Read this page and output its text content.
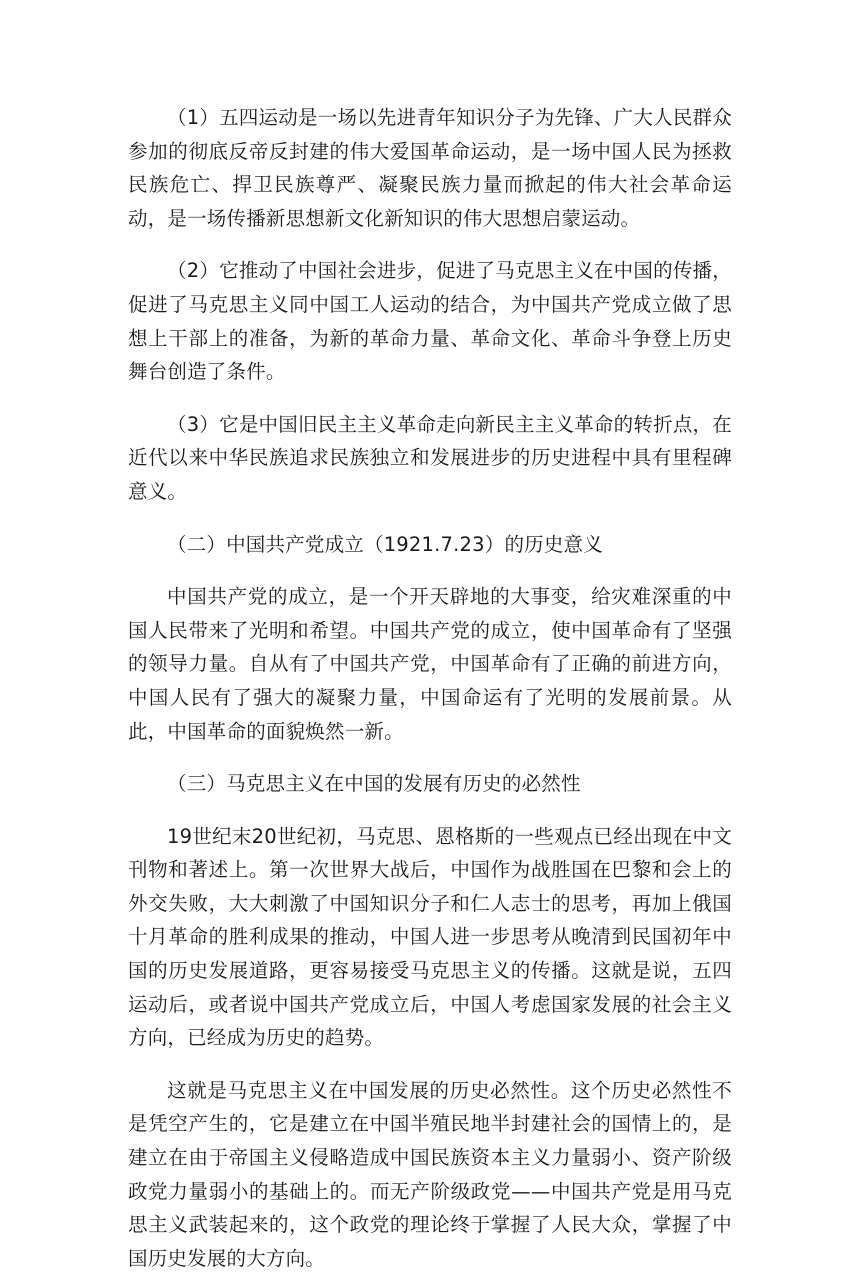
（1）五四运动是一场以先进青年知识分子为先锋、广大人民群众参加的彻底反帝反封建的伟大爱国革命运动，是一场中国人民为拯救民族危亡、捍卫民族尊严、凝聚民族力量而掀起的伟大社会革命运动，是一场传播新思想新文化新知识的伟大思想启蒙运动。

（2）它推动了中国社会进步，促进了马克思主义在中国的传播，促进了马克思主义同中国工人运动的结合，为中国共产党成立做了思想上干部上的准备，为新的革命力量、革命文化、革命斗争登上历史舞台创造了条件。

（3）它是中国旧民主主义革命走向新民主主义革命的转折点，在近代以来中华民族追求民族独立和发展进步的历史进程中具有里程碑意义。

（二）中国共产党成立（1921.7.23）的历史意义

中国共产党的成立，是一个开天辟地的大事变，给灾难深重的中国人民带来了光明和希望。中国共产党的成立，使中国革命有了坚强的领导力量。自从有了中国共产党，中国革命有了正确的前进方向，中国人民有了强大的凝聚力量，中国命运有了光明的发展前景。从此，中国革命的面貌焕然一新。

（三）马克思主义在中国的发展有历史的必然性

19世纪末20世纪初，马克思、恩格斯的一些观点已经出现在中文刊物和著述上。第一次世界大战后，中国作为战胜国在巴黎和会上的外交失败，大大刺激了中国知识分子和仁人志士的思考，再加上俄国十月革命的胜利成果的推动，中国人进一步思考从晚清到民国初年中国的历史发展道路，更容易接受马克思主义的传播。这就是说，五四运动后，或者说中国共产党成立后，中国人考虑国家发展的社会主义方向，已经成为历史的趋势。

这就是马克思主义在中国发展的历史必然性。这个历史必然性不是凭空产生的，它是建立在中国半殖民地半封建社会的国情上的，是建立在由于帝国主义侵略造成中国民族资本主义力量弱小、资产阶级政党力量弱小的基础上的。而无产阶级政党——中国共产党是用马克思主义武装起来的，这个政党的理论终于掌握了人民大众，掌握了中国历史发展的大方向。
